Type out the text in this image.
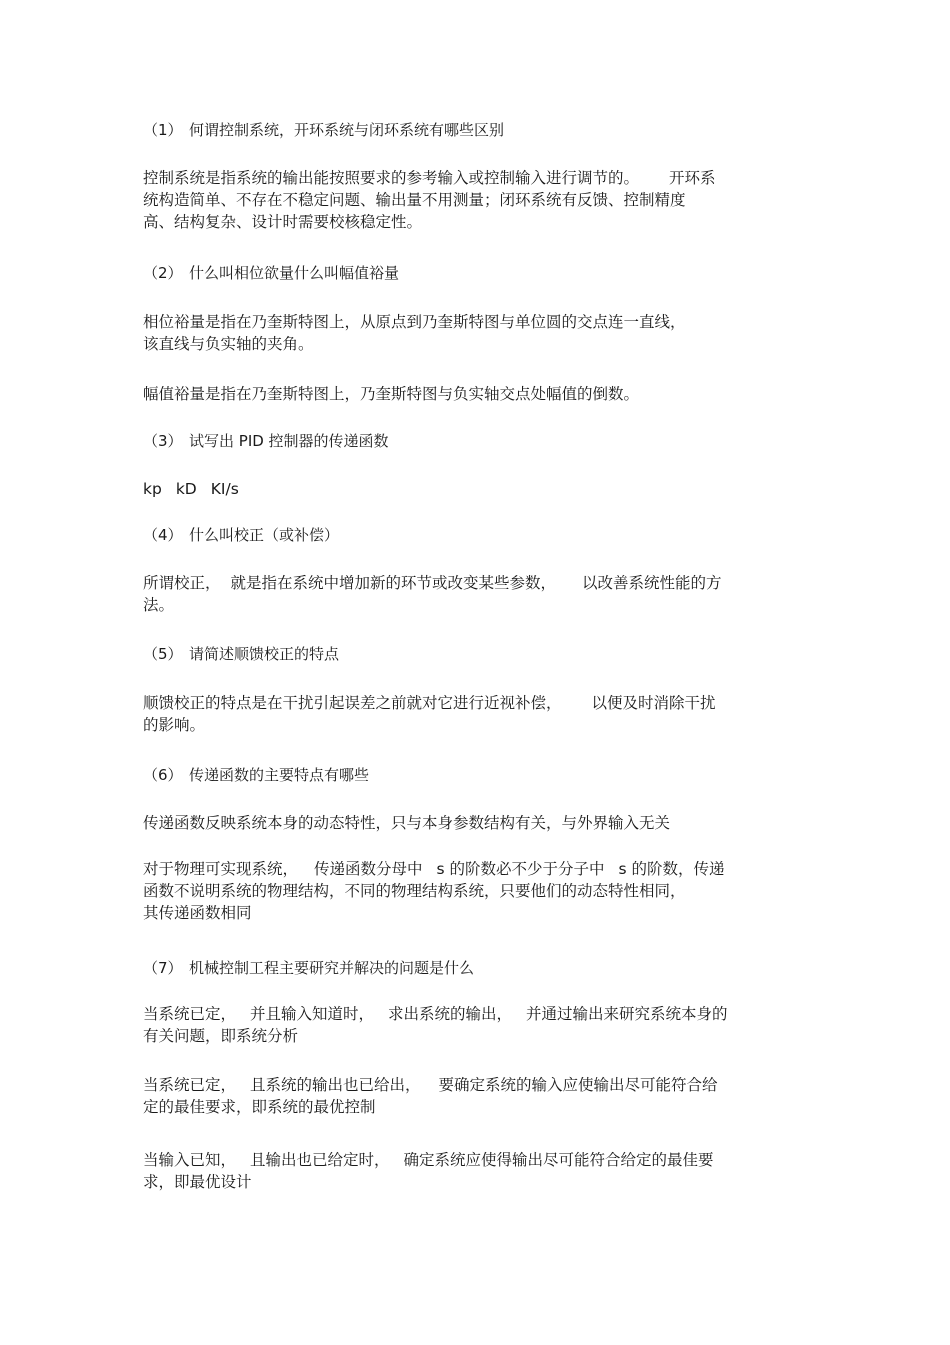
（1） 何谓控制系统，开环系统与闭环系统有哪些区别
控制系统是指系统的输出能按照要求的参考输入或控制输入进行调节的。 开环系
统构造简单、不存在不稳定问题、输出量不用测量；闭环系统有反馈、控制精度
高、结构复杂、设计时需要校核稳定性。
（2） 什么叫相位欲量什么叫幅值裕量
相位裕量是指在乃奎斯特图上，从原点到乃奎斯特图与单位圆的交点连一直线，
该直线与负实轴的夹角。
幅值裕量是指在乃奎斯特图上，乃奎斯特图与负实轴交点处幅值的倒数。
（3） 试写出 PID 控制器的传递函数
kp kD KI/s
（4） 什么叫校正（或补偿）
所谓校正， 就是指在系统中增加新的环节或改变某些参数， 以改善系统性能的方
法。
（5） 请简述顺馈校正的特点
顺馈校正的特点是在干扰引起误差之前就对它进行近视补偿， 以便及时消除干扰
的影响。
（6） 传递函数的主要特点有哪些
传递函数反映系统本身的动态特性，只与本身参数结构有关，与外界输入无关
对于物理可实现系统， 传递函数分母中 s 的阶数必不少于分子中 s 的阶数，传递
函数不说明系统的物理结构，不同的物理结构系统，只要他们的动态特性相同，
其传递函数相同
（7） 机械控制工程主要研究并解决的问题是什么
当系统已定， 并且输入知道时， 求出系统的输出， 并通过输出来研究系统本身的
有关问题，即系统分析
当系统已定， 且系统的输出也已给出， 要确定系统的输入应使输出尽可能符合给
定的最佳要求，即系统的最优控制
当输入已知， 且输出也已给定时， 确定系统应使得输出尽可能符合给定的最佳要
求，即最优设计
